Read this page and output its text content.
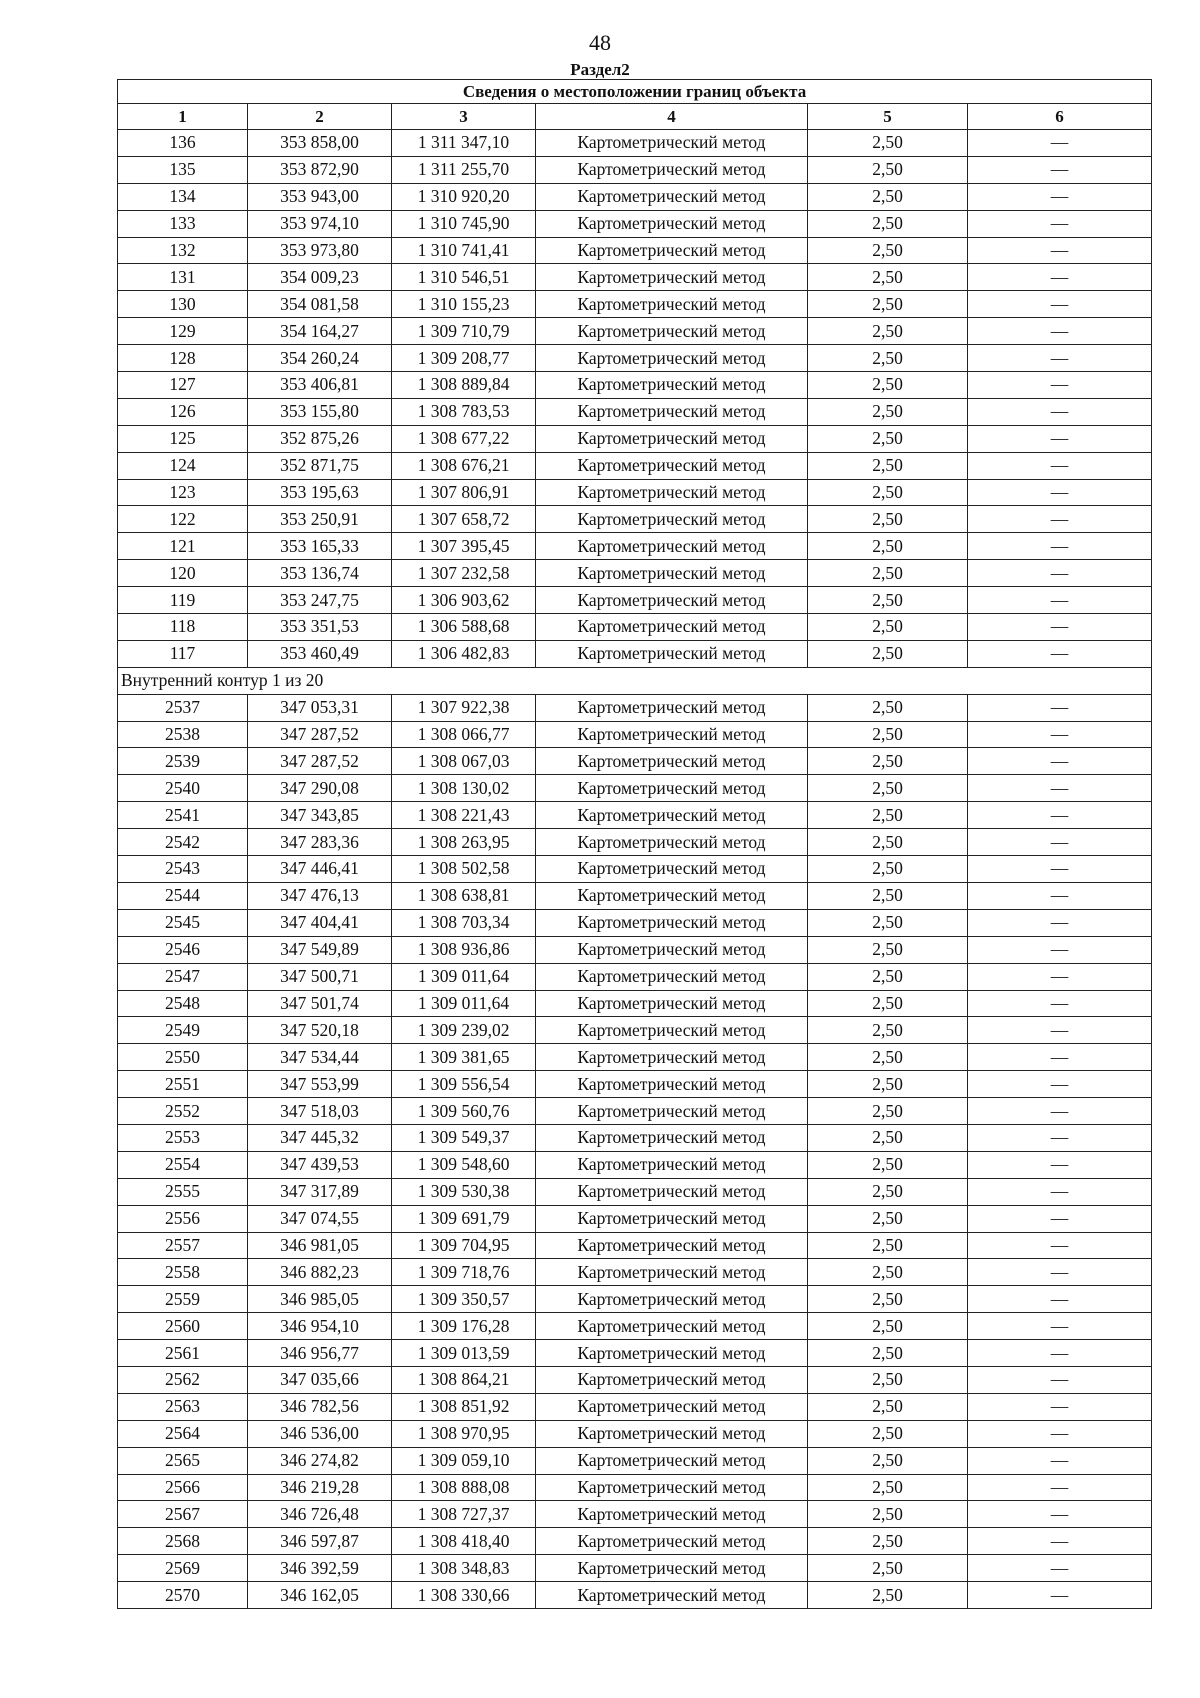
48
Раздел2
Сведения о местоположении границ объекта					
1	2	3	4	5	6
136	353 858,00	1 311 347,10	Картометрический метод	2,50	—
135	353 872,90	1 311 255,70	Картометрический метод	2,50	—
134	353 943,00	1 310 920,20	Картометрический метод	2,50	—
133	353 974,10	1 310 745,90	Картометрический метод	2,50	—
132	353 973,80	1 310 741,41	Картометрический метод	2,50	—
131	354 009,23	1 310 546,51	Картометрический метод	2,50	—
130	354 081,58	1 310 155,23	Картометрический метод	2,50	—
129	354 164,27	1 309 710,79	Картометрический метод	2,50	—
128	354 260,24	1 309 208,77	Картометрический метод	2,50	—
127	353 406,81	1 308 889,84	Картометрический метод	2,50	—
126	353 155,80	1 308 783,53	Картометрический метод	2,50	—
125	352 875,26	1 308 677,22	Картометрический метод	2,50	—
124	352 871,75	1 308 676,21	Картометрический метод	2,50	—
123	353 195,63	1 307 806,91	Картометрический метод	2,50	—
122	353 250,91	1 307 658,72	Картометрический метод	2,50	—
121	353 165,33	1 307 395,45	Картометрический метод	2,50	—
120	353 136,74	1 307 232,58	Картометрический метод	2,50	—
119	353 247,75	1 306 903,62	Картометрический метод	2,50	—
118	353 351,53	1 306 588,68	Картометрический метод	2,50	—
117	353 460,49	1 306 482,83	Картометрический метод	2,50	—
Внутренний контур 1 из 20					
2537	347 053,31	1 307 922,38	Картометрический метод	2,50	—
2538	347 287,52	1 308 066,77	Картометрический метод	2,50	—
2539	347 287,52	1 308 067,03	Картометрический метод	2,50	—
2540	347 290,08	1 308 130,02	Картометрический метод	2,50	—
2541	347 343,85	1 308 221,43	Картометрический метод	2,50	—
2542	347 283,36	1 308 263,95	Картометрический метод	2,50	—
2543	347 446,41	1 308 502,58	Картометрический метод	2,50	—
2544	347 476,13	1 308 638,81	Картометрический метод	2,50	—
2545	347 404,41	1 308 703,34	Картометрический метод	2,50	—
2546	347 549,89	1 308 936,86	Картометрический метод	2,50	—
2547	347 500,71	1 309 011,64	Картометрический метод	2,50	—
2548	347 501,74	1 309 011,64	Картометрический метод	2,50	—
2549	347 520,18	1 309 239,02	Картометрический метод	2,50	—
2550	347 534,44	1 309 381,65	Картометрический метод	2,50	—
2551	347 553,99	1 309 556,54	Картометрический метод	2,50	—
2552	347 518,03	1 309 560,76	Картометрический метод	2,50	—
2553	347 445,32	1 309 549,37	Картометрический метод	2,50	—
2554	347 439,53	1 309 548,60	Картометрический метод	2,50	—
2555	347 317,89	1 309 530,38	Картометрический метод	2,50	—
2556	347 074,55	1 309 691,79	Картометрический метод	2,50	—
2557	346 981,05	1 309 704,95	Картометрический метод	2,50	—
2558	346 882,23	1 309 718,76	Картометрический метод	2,50	—
2559	346 985,05	1 309 350,57	Картометрический метод	2,50	—
2560	346 954,10	1 309 176,28	Картометрический метод	2,50	—
2561	346 956,77	1 309 013,59	Картометрический метод	2,50	—
2562	347 035,66	1 308 864,21	Картометрический метод	2,50	—
2563	346 782,56	1 308 851,92	Картометрический метод	2,50	—
2564	346 536,00	1 308 970,95	Картометрический метод	2,50	—
2565	346 274,82	1 309 059,10	Картометрический метод	2,50	—
2566	346 219,28	1 308 888,08	Картометрический метод	2,50	—
2567	346 726,48	1 308 727,37	Картометрический метод	2,50	—
2568	346 597,87	1 308 418,40	Картометрический метод	2,50	—
2569	346 392,59	1 308 348,83	Картометрический метод	2,50	—
2570	346 162,05	1 308 330,66	Картометрический метод	2,50	—
